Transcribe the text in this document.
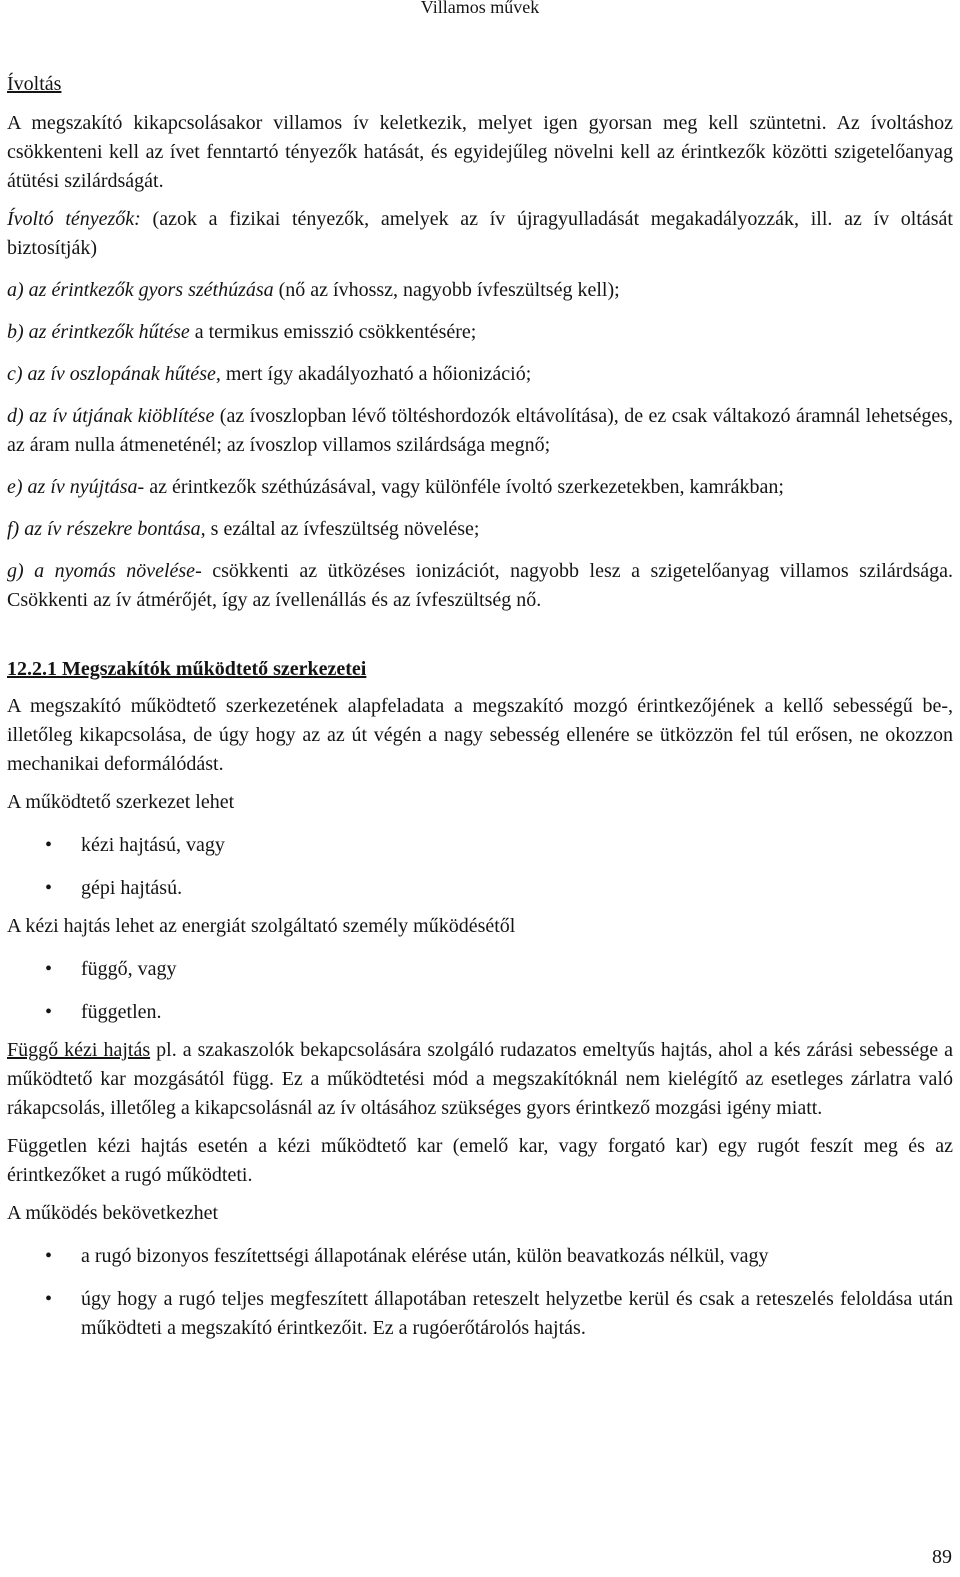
Villamos művek

Ívoltás

A megszakító kikapcsolásakor villamos ív keletkezik, melyet igen gyorsan meg kell szüntetni. Az ívoltáshoz csökkenteni kell az ívet fenntartó tényezők hatását, és egyidejűleg növelni kell az érintkezők közötti szigetelőanyag átütési szilárdságát.

Ívoltó tényezők: (azok a fizikai tényezők, amelyek az ív újragyulladását megakadályozzák, ill. az ív oltását biztosítják)

a) az érintkezők gyors széthúzása (nő az ívhossz, nagyobb ívfeszültség kell);

b) az érintkezők hűtése a termikus emisszió csökkentésére;

c) az ív oszlopának hűtése, mert így akadályozható a hőionizáció;

d) az ív útjának kiöblítése (az ívoszlopban lévő töltéshordozók eltávolítása), de ez csak váltakozó áramnál lehetséges, az áram nulla átmeneténél; az ívoszlop villamos szilárdsága megnő;

e) az ív nyújtása- az érintkezők széthúzásával, vagy különféle ívoltó szerkezetekben, kamrákban;

f) az ív részekre bontása, s ezáltal az ívfeszültség növelése;

g) a nyomás növelése- csökkenti az ütközéses ionizációt, nagyobb lesz a szigetelőanyag villamos szilárdsága. Csökkenti az ív átmérőjét, így az ívellenállás és az ívfeszültség nő.

12.2.1 Megszakítók működtető szerkezetei

A megszakító működtető szerkezetének alapfeladata a megszakító mozgó érintkezőjének a kellő sebességű be-, illetőleg kikapcsolása, de úgy hogy az az út végén a nagy sebesség ellenére se ütközzön fel túl erősen, ne okozzon mechanikai deformálódást.

A működtető szerkezet lehet

• kézi hajtású, vagy
• gépi hajtású.

A kézi hajtás lehet az energiát szolgáltató személy működésétől

• függő, vagy
• független.

Függő kézi hajtás pl. a szakaszolók bekapcsolására szolgáló rudazatos emeltyűs hajtás, ahol a kés zárási sebessége a működtető kar mozgásától függ. Ez a működtetési mód a megszakítóknál nem kielégítő az esetleges zárlatra való rákapcsolás, illetőleg a kikapcsolásnál az ív oltásához szükséges gyors érintkező mozgási igény miatt.

Független kézi hajtás esetén a kézi működtető kar (emelő kar, vagy forgató kar) egy rugót feszít meg és az érintkezőket a rugó működteti.

A működés bekövetkezhet

• a rugó bizonyos feszítettségi állapotának elérése után, külön beavatkozás nélkül, vagy
• úgy hogy a rugó teljes megfeszített állapotában reteszelt helyzetbe kerül és csak a reteszelés feloldása után működteti a megszakító érintkezőit. Ez a rugóerőtárolós hajtás.
89
